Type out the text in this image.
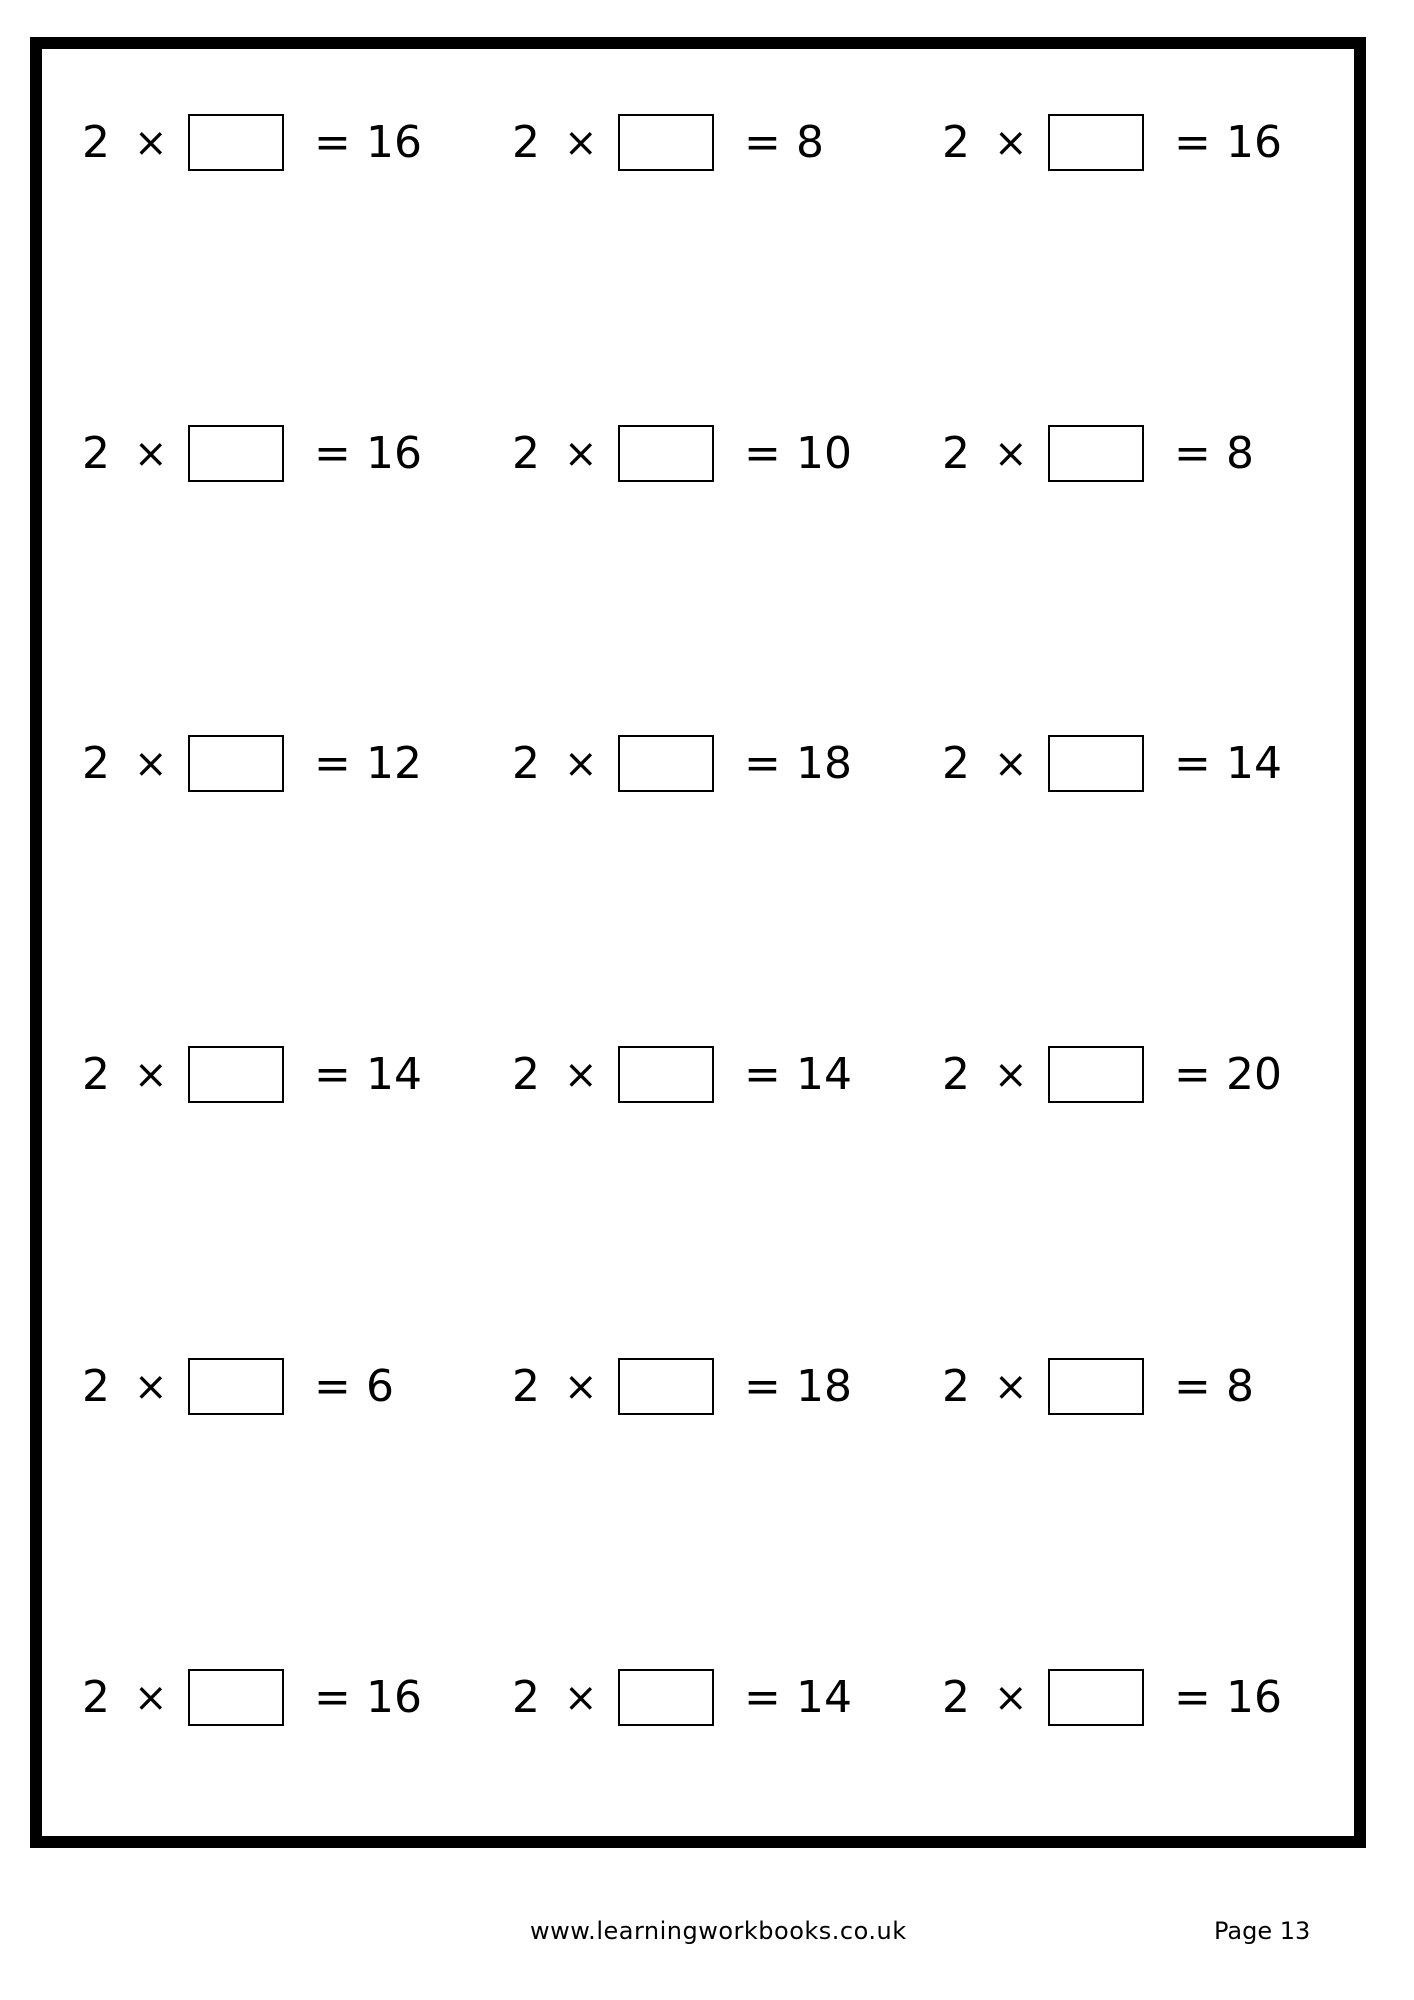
2 ×	= 16 2 ×	= 8	2 ×	= 16
2 ×	= 16 2 ×	= 10 2 ×	= 8
2 ×	= 12 2 ×	= 18 2 ×	= 14
2 ×	= 14 2 ×	= 14 2 ×	= 20
2 ×	= 6	2 ×	= 18 2 ×	= 8
2 ×	= 16 2 ×	= 14 2 ×	= 16
www.learningworkbooks.co.uk	Page 13
